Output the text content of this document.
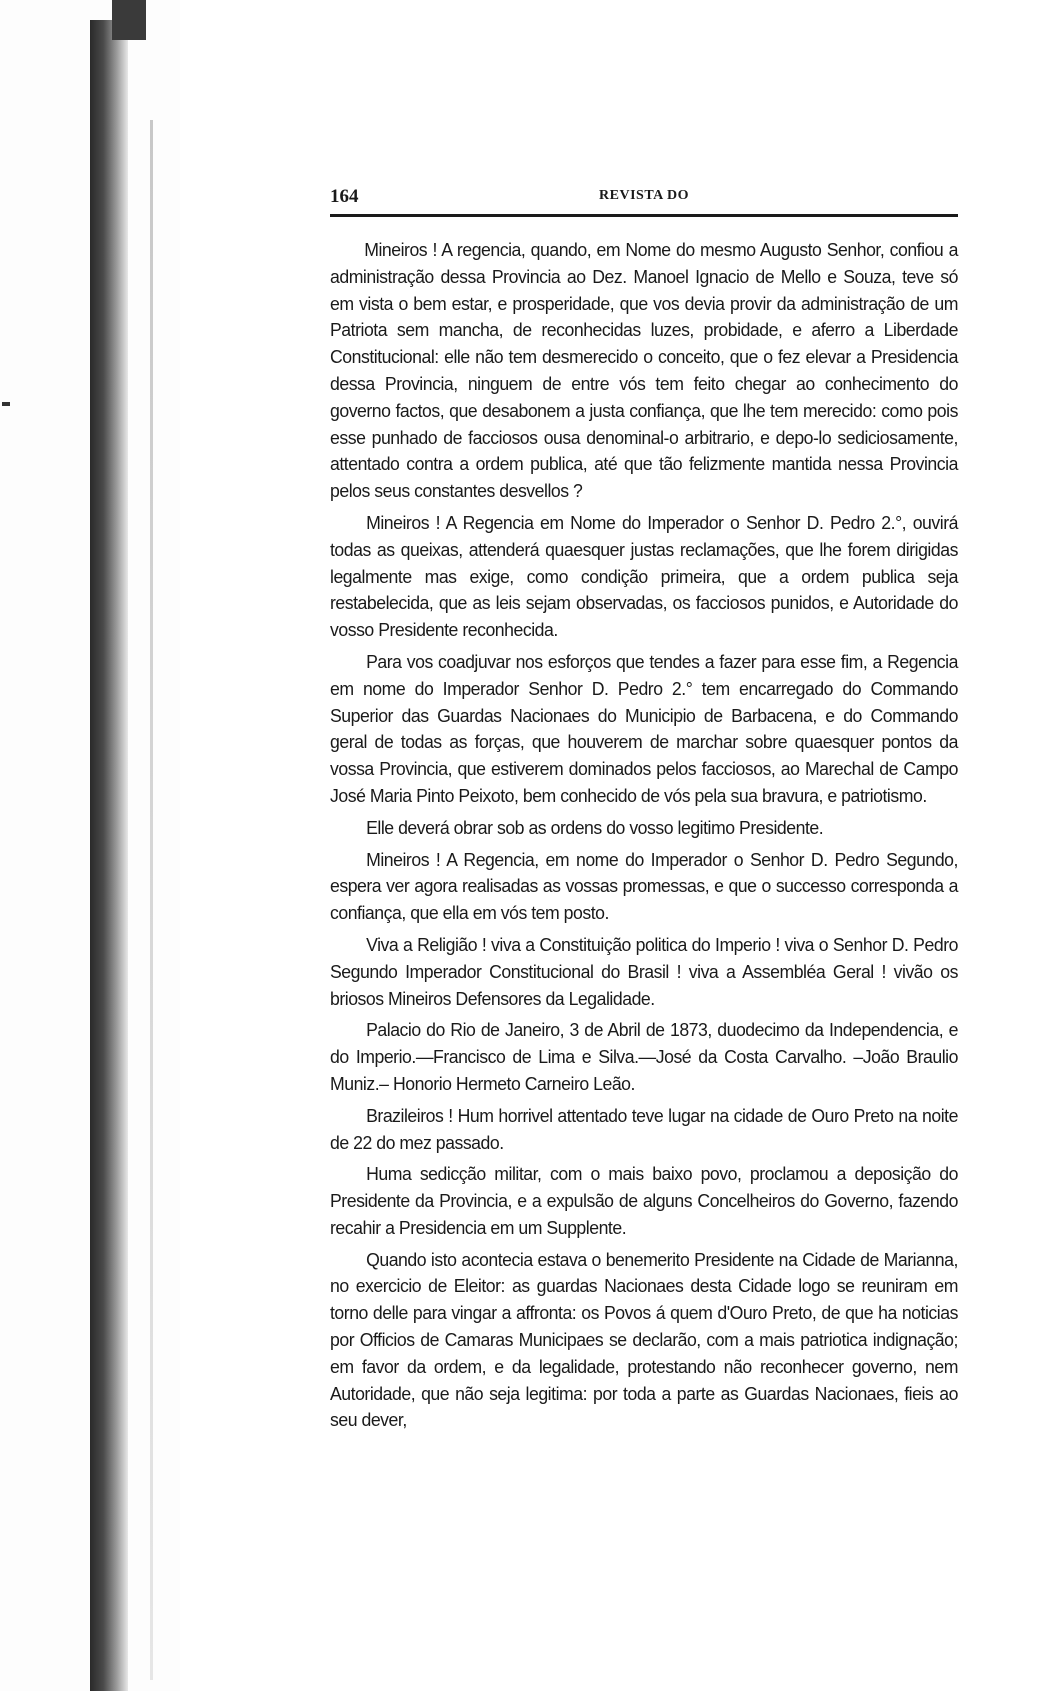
164	REVISTA DO

Mineiros ! A regencia, quando, em Nome do mesmo Augusto Senhor, confiou a administração dessa Provincia ao Dez. Manoel Ignacio de Mello e Souza, teve só em vista o bem estar, e prosperidade, que vos devia provir da administração de um Patriota sem mancha, de reconhecidas luzes, probidade, e aferro a Liberdade Constitucional: elle não tem desmerecido o conceito, que o fez elevar a Presidencia dessa Provincia, ninguem de entre vós tem feito chegar ao conhecimento do governo factos, que desabonem a justa confiança, que lhe tem merecido: como pois esse punhado de facciosos ousa denominal-o arbitrario, e depo-lo sediciosamente, attentado contra a ordem publica, até que tão felizmente mantida nessa Provincia pelos seus constantes desvellos ?

Mineiros ! A Regencia em Nome do Imperador o Senhor D. Pedro 2.°, ouvirá todas as queixas, attenderá quaesquer justas reclamações, que lhe forem dirigidas legalmente mas exige, como condição primeira, que a ordem publica seja restabelecida, que as leis sejam observadas, os facciosos punidos, e Autoridade do vosso Presidente reconhecida.

Para vos coadjuvar nos esforços que tendes a fazer para esse fim, a Regencia em nome do Imperador Senhor D. Pedro 2.° tem encarregado do Commando Superior das Guardas Nacionaes do Municipio de Barbacena, e do Commando geral de todas as forças, que houverem de marchar sobre quaesquer pontos da vossa Provincia, que estiverem dominados pelos facciosos, ao Marechal de Campo José Maria Pinto Peixoto, bem conhecido de vós pela sua bravura, e patriotismo.

Elle deverá obrar sob as ordens do vosso legitimo Presidente.

Mineiros ! A Regencia, em nome do Imperador o Senhor D. Pedro Segundo, espera ver agora realisadas as vossas promessas, e que o successo corresponda a confiança, que ella em vós tem posto.

Viva a Religião ! viva a Constituição politica do Imperio ! viva o Senhor D. Pedro Segundo Imperador Constitucional do Brasil ! viva a Assembléa Geral ! vivão os briosos Mineiros Defensores da Legalidade.

Palacio do Rio de Janeiro, 3 de Abril de 1873, duodecimo da Independencia, e do Imperio.—Francisco de Lima e Silva.—José da Costa Carvalho. –João Braulio Muniz.– Honorio Hermeto Carneiro Leão.

Brazileiros ! Hum horrivel attentado teve lugar na cidade de Ouro Preto na noite de 22 do mez passado.

Huma sedicção militar, com o mais baixo povo, proclamou a deposição do Presidente da Provincia, e a expulsão de alguns Concelheiros do Governo, fazendo recahir a Presidencia em um Supplente.

Quando isto acontecia estava o benemerito Presidente na Cidade de Marianna, no exercicio de Eleitor: as guardas Nacionaes desta Cidade logo se reuniram em torno delle para vingar a affronta: os Povos á quem d'Ouro Preto, de que ha noticias por Officios de Camaras Municipaes se declarão, com a mais patriotica indignação; em favor da ordem, e da legalidade, protestando não reconhecer governo, nem Autoridade, que não seja legitima: por toda a parte as Guardas Nacionaes, fieis ao seu dever,
